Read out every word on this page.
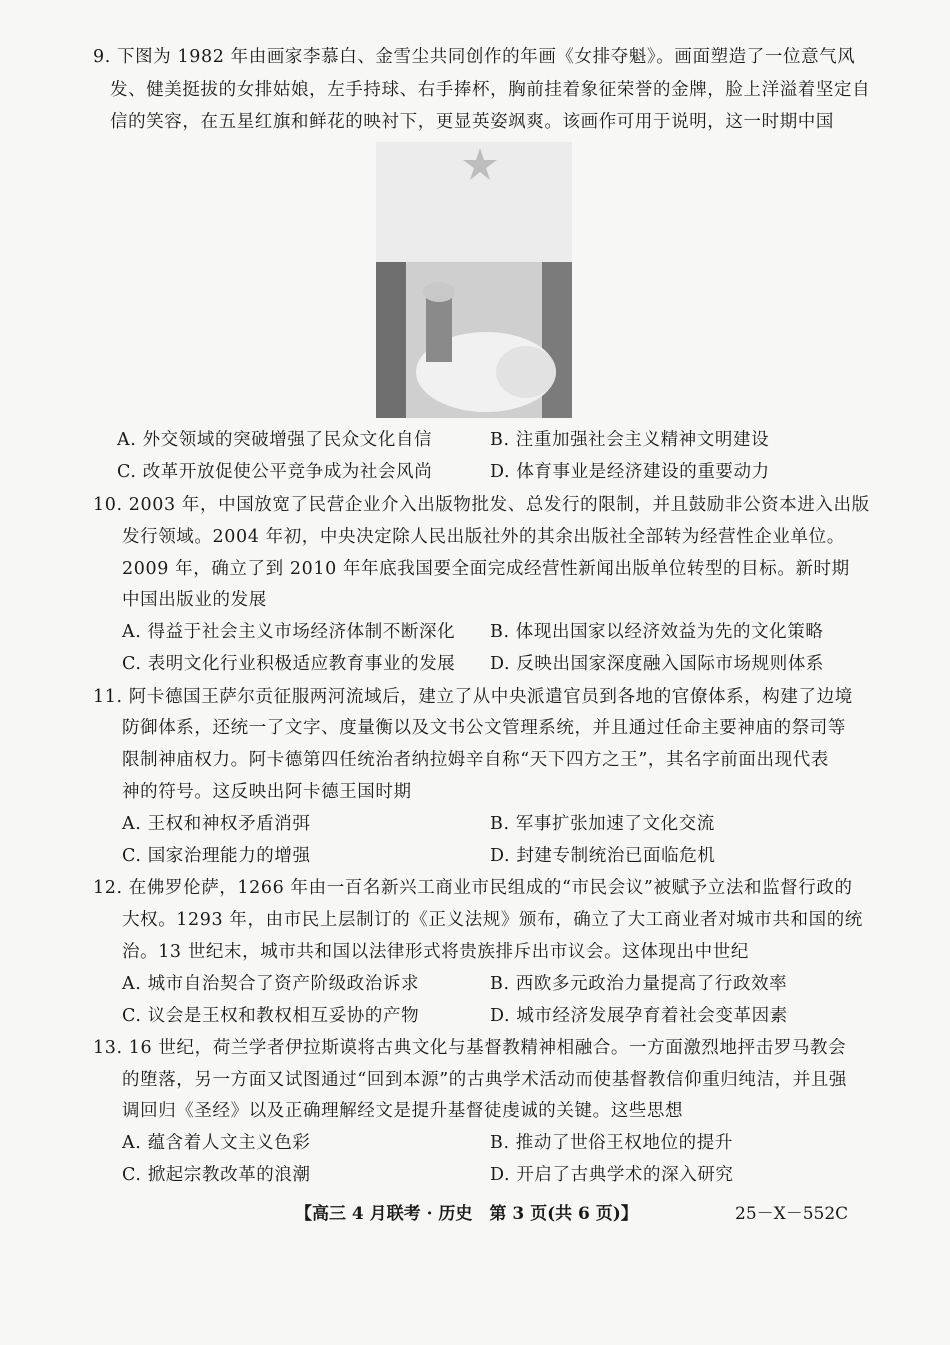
9. 下图为 1982 年由画家李慕白、金雪尘共同创作的年画《女排夺魁》。画面塑造了一位意气风
发、健美挺拔的女排姑娘，左手持球、右手捧杯，胸前挂着象征荣誉的金牌，脸上洋溢着坚定自
信的笑容，在五星红旗和鲜花的映衬下，更显英姿飒爽。该画作可用于说明，这一时期中国
A. 外交领域的突破增强了民众文化自信	B. 注重加强社会主义精神文明建设
C. 改革开放促使公平竞争成为社会风尚	D. 体育事业是经济建设的重要动力
10. 2003 年，中国放宽了民营企业介入出版物批发、总发行的限制，并且鼓励非公资本进入出版
发行领域。2004 年初，中央决定除人民出版社外的其余出版社全部转为经营性企业单位。
2009 年，确立了到 2010 年年底我国要全面完成经营性新闻出版单位转型的目标。新时期
中国出版业的发展
A. 得益于社会主义市场经济体制不断深化 B. 体现出国家以经济效益为先的文化策略
C. 表明文化行业积极适应教育事业的发展 D. 反映出国家深度融入国际市场规则体系
11. 阿卡德国王萨尔贡征服两河流域后，建立了从中央派遣官员到各地的官僚体系，构建了边境
防御体系，还统一了文字、度量衡以及文书公文管理系统，并且通过任命主要神庙的祭司等
限制神庙权力。阿卡德第四任统治者纳拉姆辛自称“天下四方之王”，其名字前面出现代表
神的符号。这反映出阿卡德王国时期
A. 王权和神权矛盾消弭	B. 军事扩张加速了文化交流
C. 国家治理能力的增强	D. 封建专制统治已面临危机
12. 在佛罗伦萨，1266 年由一百名新兴工商业市民组成的“市民会议”被赋予立法和监督行政的
大权。1293 年，由市民上层制订的《正义法规》颁布，确立了大工商业者对城市共和国的统
治。13 世纪末，城市共和国以法律形式将贵族排斥出市议会。这体现出中世纪
A. 城市自治契合了资产阶级政治诉求	B. 西欧多元政治力量提高了行政效率
C. 议会是王权和教权相互妥协的产物	D. 城市经济发展孕育着社会变革因素
13. 16 世纪，荷兰学者伊拉斯谟将古典文化与基督教精神相融合。一方面激烈地抨击罗马教会
的堕落，另一方面又试图通过“回到本源”的古典学术活动而使基督教信仰重归纯洁，并且强
调回归《圣经》以及正确理解经文是提升基督徒虔诚的关键。这些思想
A. 蕴含着人文主义色彩	B. 推动了世俗王权地位的提升
C. 掀起宗教改革的浪潮	D. 开启了古典学术的深入研究
【高三 4 月联考 · 历史　第 3 页(共 6 页)】	25－X－552C
